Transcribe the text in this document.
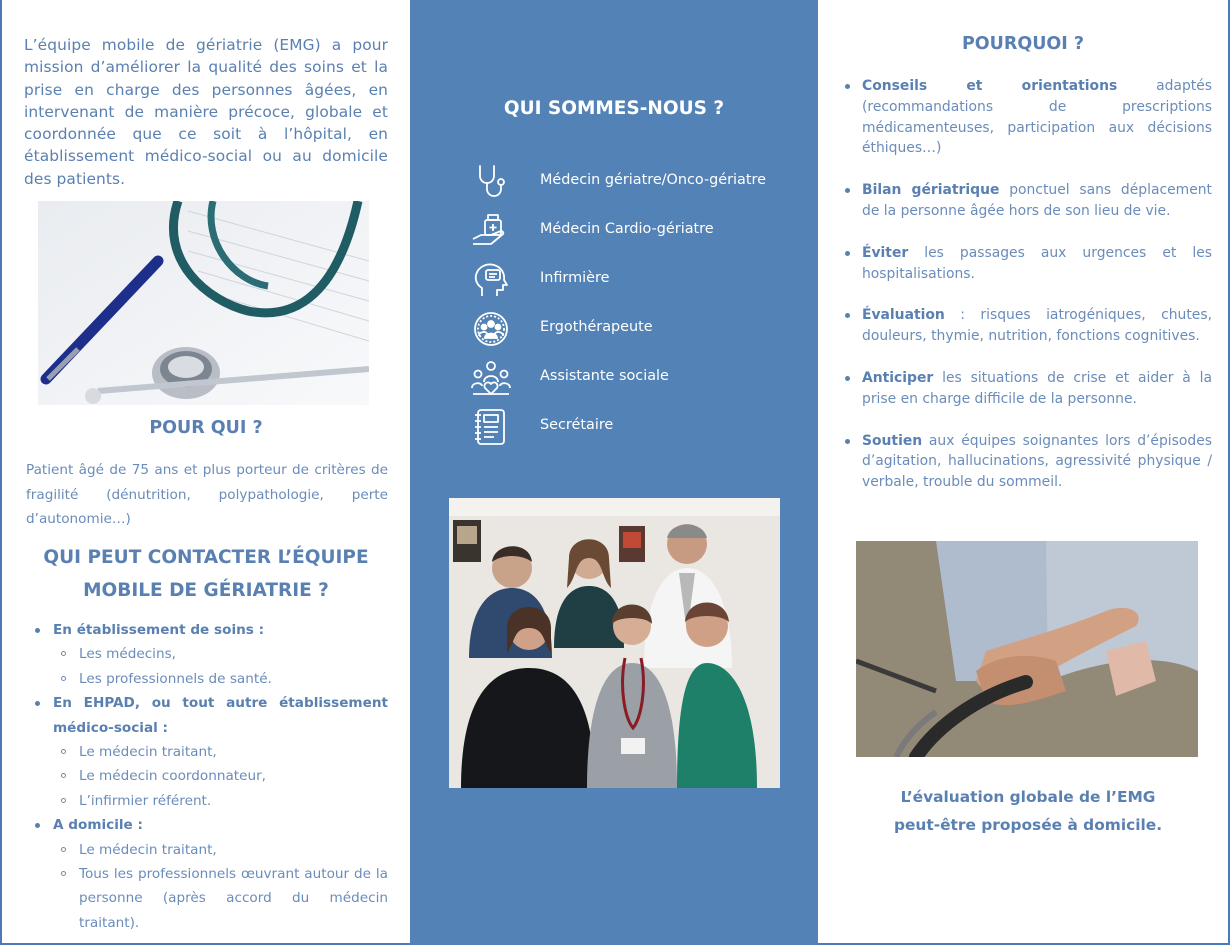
L’équipe mobile de gériatrie (EMG) a pour mission d’améliorer la qualité des soins et la prise en charge des personnes âgées, en intervenant de manière précoce, globale et coordonnée que ce soit à l’hôpital, en établissement médico-social ou au domicile des patients.
POUR QUI ?
Patient âgé de 75 ans et plus porteur de critères de fragilité (dénutrition, polypathologie, perte d’autonomie…)
QUI PEUT CONTACTER L’ÉQUIPE
MOBILE DE GÉRIATRIE ?
En établissement de soins :
Les médecins,
Les professionnels de santé.
En EHPAD, ou tout autre établissement médico-social :
Le médecin traitant,
Le médecin coordonnateur,
L’infirmier référent.
A domicile :
Le médecin traitant,
Tous les professionnels œuvrant autour de la personne (après accord du médecin traitant).
QUI SOMMES-NOUS ?
Médecin gériatre/Onco-gériatre
Médecin Cardio-gériatre
Infirmière
Ergothérapeute
Assistante sociale
Secrétaire
POURQUOI ?
Conseils et orientations adaptés (recommandations de prescriptions médicamenteuses, participation aux décisions éthiques…)
Bilan gériatrique ponctuel sans déplacement de la personne âgée hors de son lieu de vie.
Éviter les passages aux urgences et les hospitalisations.
Évaluation : risques iatrogéniques, chutes, douleurs, thymie, nutrition, fonctions cognitives.
Anticiper les situations de crise et aider à la prise en charge difficile de la personne.
Soutien aux équipes soignantes lors d’épisodes d’agitation, hallucinations, agressivité physique / verbale, trouble du sommeil.
L’évaluation globale de l’EMG
peut-être proposée à domicile.
